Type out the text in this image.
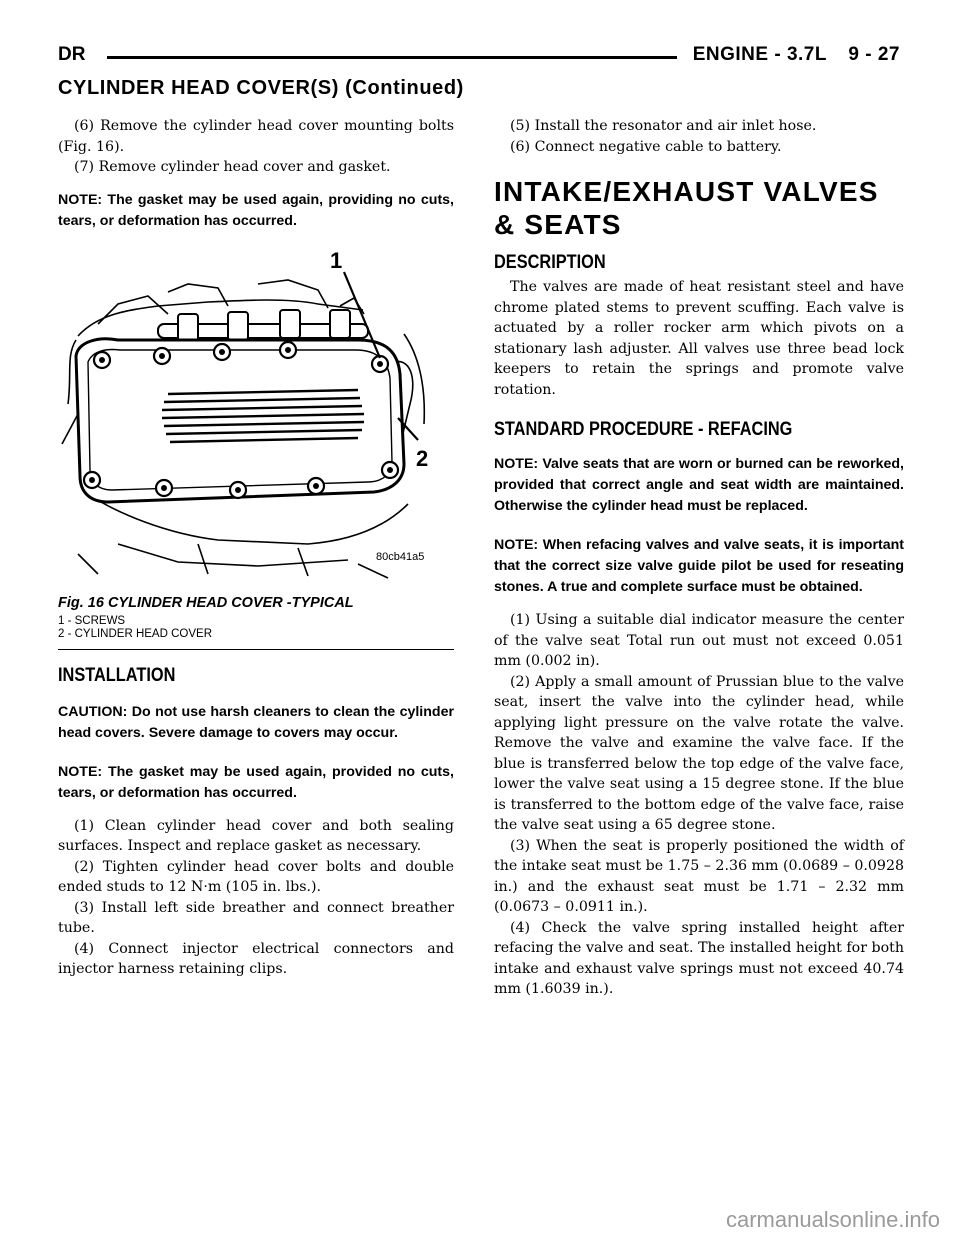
DR	ENGINE - 3.7L 9 - 27
CYLINDER HEAD COVER(S) (Continued)

(6) Remove the cylinder head cover mounting bolts (Fig. 16).

(7) Remove cylinder head cover and gasket.

NOTE: The gasket may be used again, providing no cuts, tears, or deformation has occurred.

1
2
80cb41a5
Fig. 16 CYLINDER HEAD COVER -TYPICAL
1 - SCREWS
2 - CYLINDER HEAD COVER
INSTALLATION

CAUTION: Do not use harsh cleaners to clean the cylinder head covers. Severe damage to covers may occur.

NOTE: The gasket may be used again, provided no cuts, tears, or deformation has occurred.

(1) Clean cylinder head cover and both sealing surfaces. Inspect and replace gasket as necessary.

(2) Tighten cylinder head cover bolts and double ended studs to 12 N·m (105 in. lbs.).

(3) Install left side breather and connect breather tube.

(4) Connect injector electrical connectors and injector harness retaining clips.

(5) Install the resonator and air inlet hose.

(6) Connect negative cable to battery.

INTAKE/EXHAUST VALVES & SEATS
DESCRIPTION

The valves are made of heat resistant steel and have chrome plated stems to prevent scuffing. Each valve is actuated by a roller rocker arm which pivots on a stationary lash adjuster. All valves use three bead lock keepers to retain the springs and promote valve rotation.

STANDARD PROCEDURE - REFACING

NOTE: Valve seats that are worn or burned can be reworked, provided that correct angle and seat width are maintained. Otherwise the cylinder head must be replaced.

NOTE: When refacing valves and valve seats, it is important that the correct size valve guide pilot be used for reseating stones. A true and complete surface must be obtained.

(1) Using a suitable dial indicator measure the center of the valve seat Total run out must not exceed 0.051 mm (0.002 in).

(2) Apply a small amount of Prussian blue to the valve seat, insert the valve into the cylinder head, while applying light pressure on the valve rotate the valve. Remove the valve and examine the valve face. If the blue is transferred below the top edge of the valve face, lower the valve seat using a 15 degree stone. If the blue is transferred to the bottom edge of the valve face, raise the valve seat using a 65 degree stone.

(3) When the seat is properly positioned the width of the intake seat must be 1.75 – 2.36 mm (0.0689 – 0.0928 in.) and the exhaust seat must be 1.71 – 2.32 mm (0.0673 – 0.0911 in.).

(4) Check the valve spring installed height after refacing the valve and seat. The installed height for both intake and exhaust valve springs must not exceed 40.74 mm (1.6039 in.).

carmanualsonline.info
